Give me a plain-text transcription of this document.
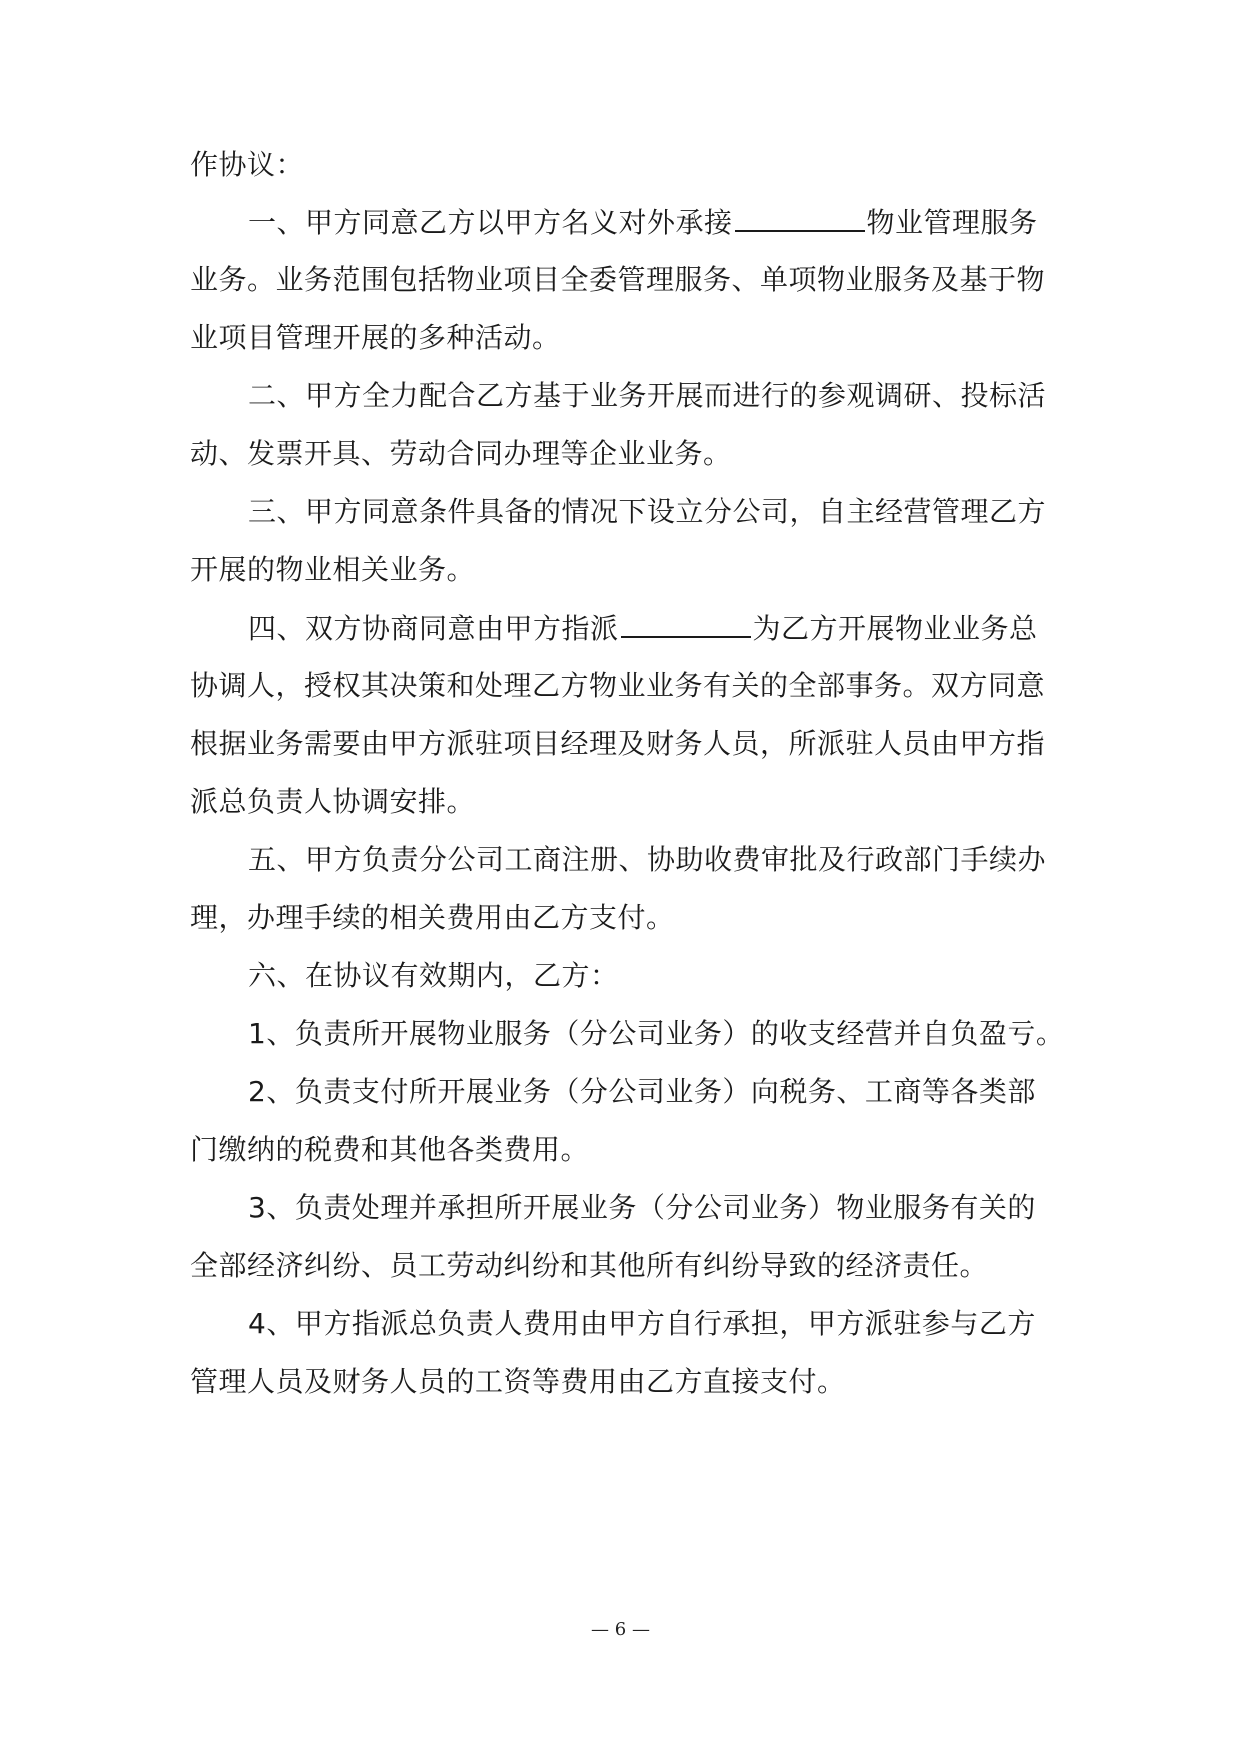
作协议：
一、甲方同意乙方以甲方名义对外承接	物业管理服务
业务。业务范围包括物业项目全委管理服务、单项物业服务及基于物
业项目管理开展的多种活动。
二、甲方全力配合乙方基于业务开展而进行的参观调研、投标活
动、发票开具、劳动合同办理等企业业务。
三、甲方同意条件具备的情况下设立分公司，自主经营管理乙方
开展的物业相关业务。
四、双方协商同意由甲方指派	为乙方开展物业业务总
协调人，授权其决策和处理乙方物业业务有关的全部事务。双方同意
根据业务需要由甲方派驻项目经理及财务人员，所派驻人员由甲方指
派总负责人协调安排。
五、甲方负责分公司工商注册、协助收费审批及行政部门手续办
理，办理手续的相关费用由乙方支付。
六、在协议有效期内，乙方：
1、负责所开展物业服务（分公司业务）的收支经营并自负盈亏。
2、负责支付所开展业务（分公司业务）向税务、工商等各类部
门缴纳的税费和其他各类费用。
3、负责处理并承担所开展业务（分公司业务）物业服务有关的
全部经济纠纷、员工劳动纠纷和其他所有纠纷导致的经济责任。
4、甲方指派总负责人费用由甲方自行承担，甲方派驻参与乙方
管理人员及财务人员的工资等费用由乙方直接支付。
— 6 —
